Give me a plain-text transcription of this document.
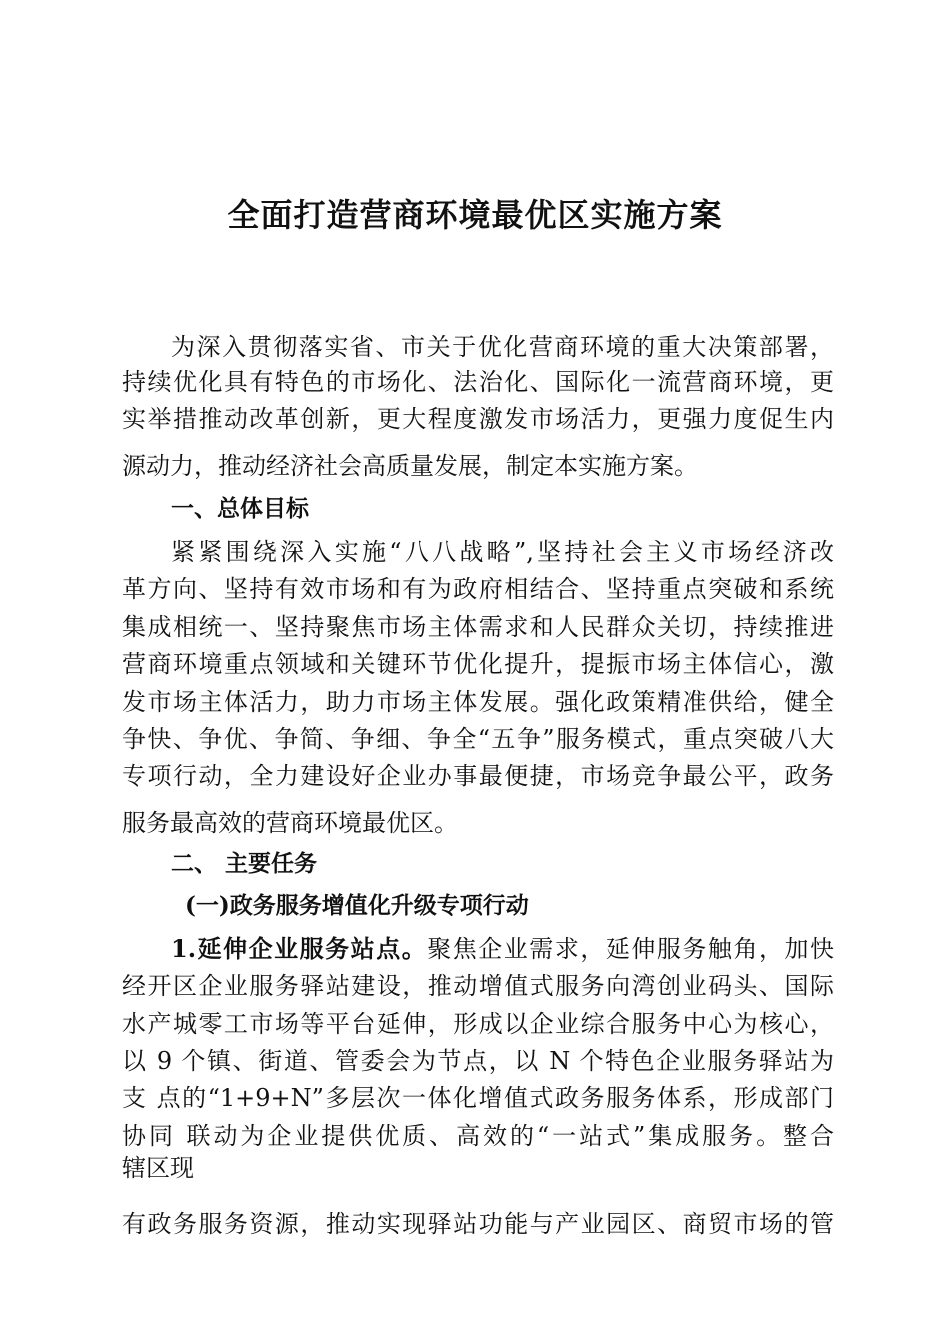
全面打造营商环境最优区实施方案

为深入贯彻落实省、市关于优化营商环境的重大决策部署，

持续优化具有特色的市场化、法治化、国际化一流营商环境，更

实举措推动改革创新，更大程度激发市场活力，更强力度促生内

源动力，推动经济社会高质量发展，制定本实施方案。

一、总体目标

紧紧围绕深入实施“八八战略”,坚持社会主义市场经济改

革方向、坚持有效市场和有为政府相结合、坚持重点突破和系统

集成相统一、坚持聚焦市场主体需求和人民群众关切，持续推进

营商环境重点领域和关键环节优化提升，提振市场主体信心，激

发市场主体活力，助力市场主体发展。强化政策精准供给，健全

争快、争优、争简、争细、争全“五争”服务模式，重点突破八大

专项行动，全力建设好企业办事最便捷，市场竞争最公平，政务

服务最高效的营商环境最优区。

二、 主要任务
(一)政务服务增值化升级专项行动

1.延伸企业服务站点。聚焦企业需求，延伸服务触角，加快

经开区企业服务驿站建设，推动增值式服务向湾创业码头、国际

水产城零工市场等平台延伸，形成以企业综合服务中心为核心，

以 9 个镇、街道、管委会为节点，以 N 个特色企业服务驿站为

支 点的“1+9+N”多层次一体化增值式政务服务体系，形成部门

协同 联动为企业提供优质、高效的“一站式”集成服务。整合

辖区现

有政务服务资源，推动实现驿站功能与产业园区、商贸市场的管
